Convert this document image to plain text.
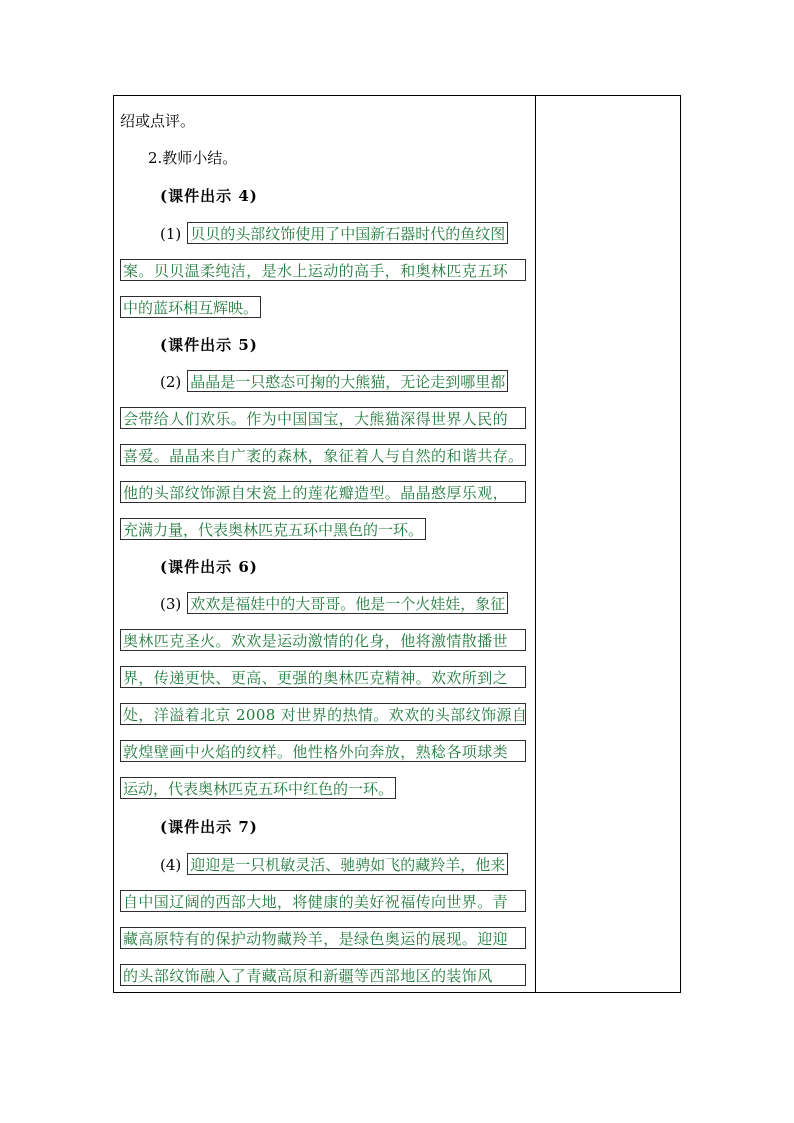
绍或点评。
2.教师小结。
(课件出示 4)
(1) 贝贝的头部纹饰使用了中国新石器时代的鱼纹图
案。贝贝温柔纯洁，是水上运动的高手，和奥林匹克五环
中的蓝环相互辉映。
(课件出示 5)
(2) 晶晶是一只憨态可掬的大熊猫，无论走到哪里都
会带给人们欢乐。作为中国国宝，大熊猫深得世界人民的
喜爱。晶晶来自广袤的森林，象征着人与自然的和谐共存。
他的头部纹饰源自宋瓷上的莲花瓣造型。晶晶憨厚乐观，
充满力量，代表奥林匹克五环中黑色的一环。
(课件出示 6)
(3) 欢欢是福娃中的大哥哥。他是一个火娃娃，象征
奥林匹克圣火。欢欢是运动激情的化身，他将激情散播世
界，传递更快、更高、更强的奥林匹克精神。欢欢所到之
处，洋溢着北京 2008 对世界的热情。欢欢的头部纹饰源自
敦煌壁画中火焰的纹样。他性格外向奔放，熟稔各项球类
运动，代表奥林匹克五环中红色的一环。
(课件出示 7)
(4) 迎迎是一只机敏灵活、驰骋如飞的藏羚羊，他来
自中国辽阔的西部大地，将健康的美好祝福传向世界。青
藏高原特有的保护动物藏羚羊，是绿色奥运的展现。迎迎
的头部纹饰融入了青藏高原和新疆等西部地区的装饰风
